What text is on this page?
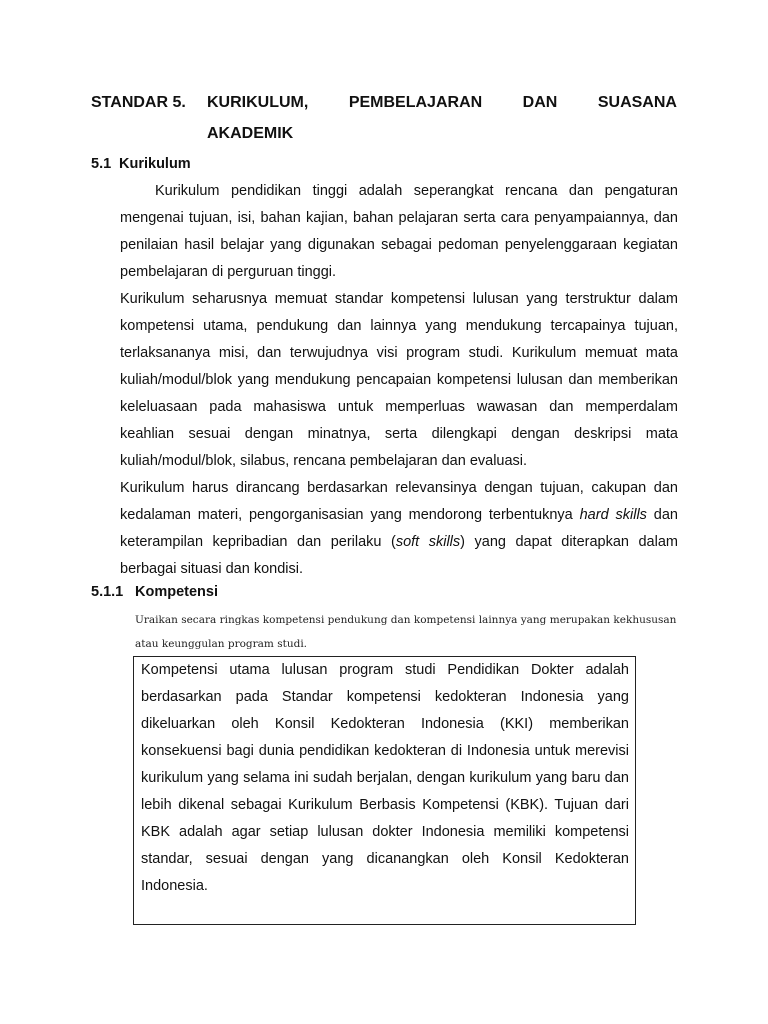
STANDAR 5.	KURIKULUM,	PEMBELAJARAN	DAN	SUASANA
AKADEMIK
5.1 Kurikulum

Kurikulum pendidikan tinggi adalah seperangkat rencana dan pengaturan mengenai tujuan, isi, bahan kajian, bahan pelajaran serta cara penyampaiannya, dan penilaian hasil belajar yang digunakan sebagai pedoman penyelenggaraan kegiatan pembelajaran di perguruan tinggi.

Kurikulum seharusnya memuat standar kompetensi lulusan yang terstruktur dalam kompetensi utama, pendukung dan lainnya yang mendukung tercapainya tujuan, terlaksananya misi, dan terwujudnya visi program studi. Kurikulum memuat mata kuliah/modul/blok yang mendukung pencapaian kompetensi lulusan dan memberikan keleluasaan pada mahasiswa untuk memperluas wawasan dan memperdalam keahlian sesuai dengan minatnya, serta dilengkapi dengan deskripsi mata kuliah/modul/blok, silabus, rencana pembelajaran dan evaluasi.

Kurikulum harus dirancang berdasarkan relevansinya dengan tujuan, cakupan dan kedalaman materi, pengorganisasian yang mendorong terbentuknya hard skills dan keterampilan kepribadian dan perilaku (soft skills) yang dapat diterapkan dalam berbagai situasi dan kondisi.

5.1.1 Kompetensi
Uraikan secara ringkas kompetensi pendukung dan kompetensi lainnya yang merupakan kekhususan atau keunggulan program studi.

Kompetensi utama lulusan program studi Pendidikan Dokter adalah berdasarkan pada Standar kompetensi kedokteran Indonesia yang dikeluarkan oleh Konsil Kedokteran Indonesia (KKI) memberikan konsekuensi bagi dunia pendidikan kedokteran di Indonesia untuk merevisi kurikulum yang selama ini sudah berjalan, dengan kurikulum yang baru dan lebih dikenal sebagai Kurikulum Berbasis Kompetensi (KBK). Tujuan dari KBK adalah agar setiap lulusan dokter Indonesia memiliki kompetensi standar, sesuai dengan yang dicanangkan oleh Konsil Kedokteran Indonesia.
